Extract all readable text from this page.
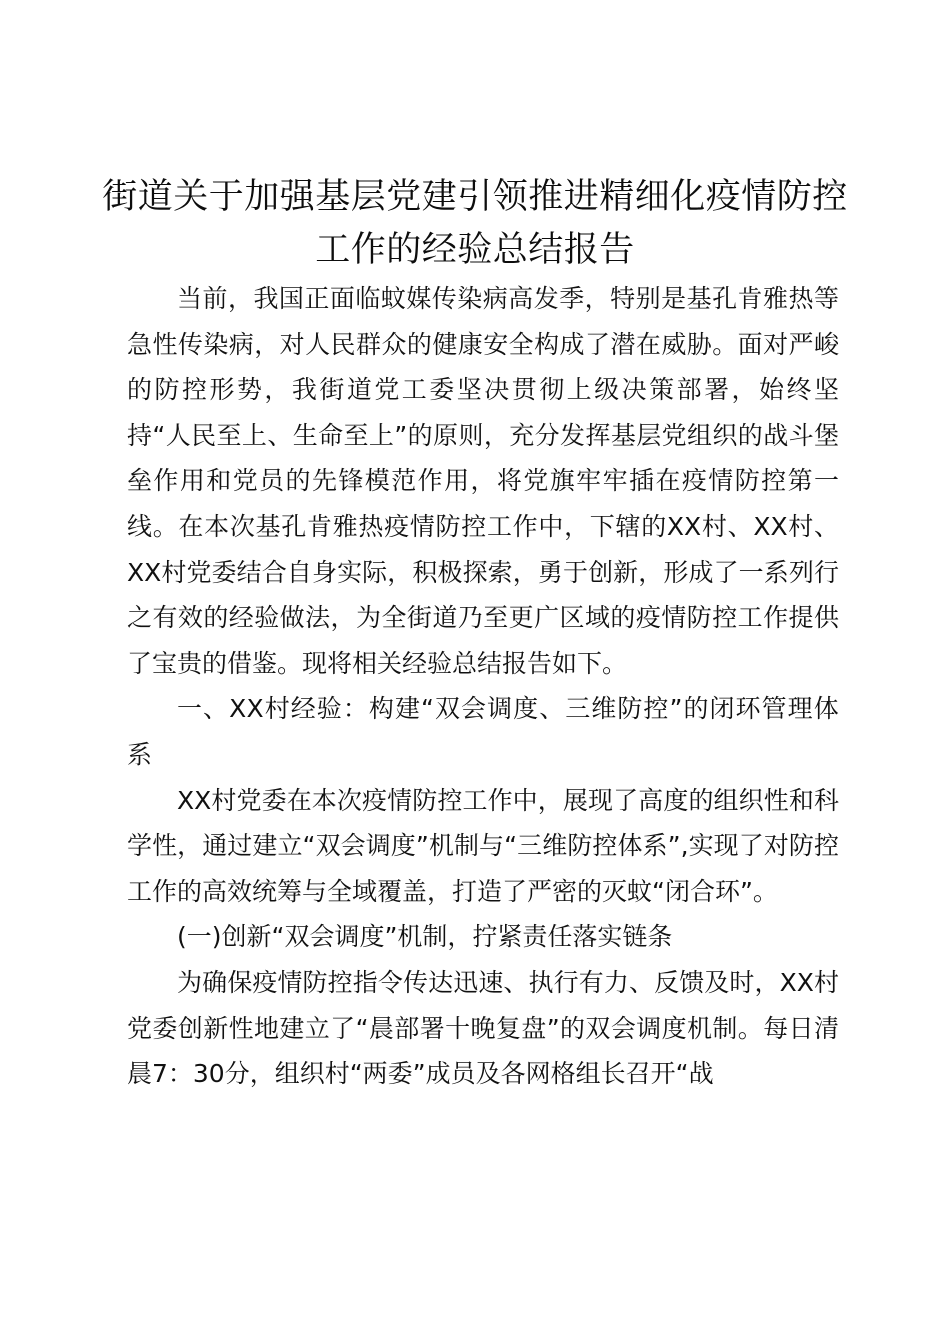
街道关于加强基层党建引领推进精细化疫情防控工作的经验总结报告

当前，我国正面临蚊媒传染病高发季，特别是基孔肯雅热等急性传染病，对人民群众的健康安全构成了潜在威胁。面对严峻的防控形势，我街道党工委坚决贯彻上级决策部署，始终坚持“人民至上、生命至上”的原则，充分发挥基层党组织的战斗堡垒作用和党员的先锋模范作用，将党旗牢牢插在疫情防控第一线。在本次基孔肯雅热疫情防控工作中，下辖的XX村、XX村、XX村党委结合自身实际，积极探索，勇于创新，形成了一系列行之有效的经验做法，为全街道乃至更广区域的疫情防控工作提供了宝贵的借鉴。现将相关经验总结报告如下。

一、XX村经验：构建“双会调度、三维防控”的闭环管理体系

XX村党委在本次疫情防控工作中，展现了高度的组织性和科学性，通过建立“双会调度”机制与“三维防控体系”,实现了对防控工作的高效统筹与全域覆盖，打造了严密的灭蚊“闭合环”。

(一)创新“双会调度”机制，拧紧责任落实链条

为确保疫情防控指令传达迅速、执行有力、反馈及时，XX村党委创新性地建立了“晨部署十晚复盘”的双会调度机制。每日清晨7：30分，组织村“两委”成员及各网格组长召开“战
